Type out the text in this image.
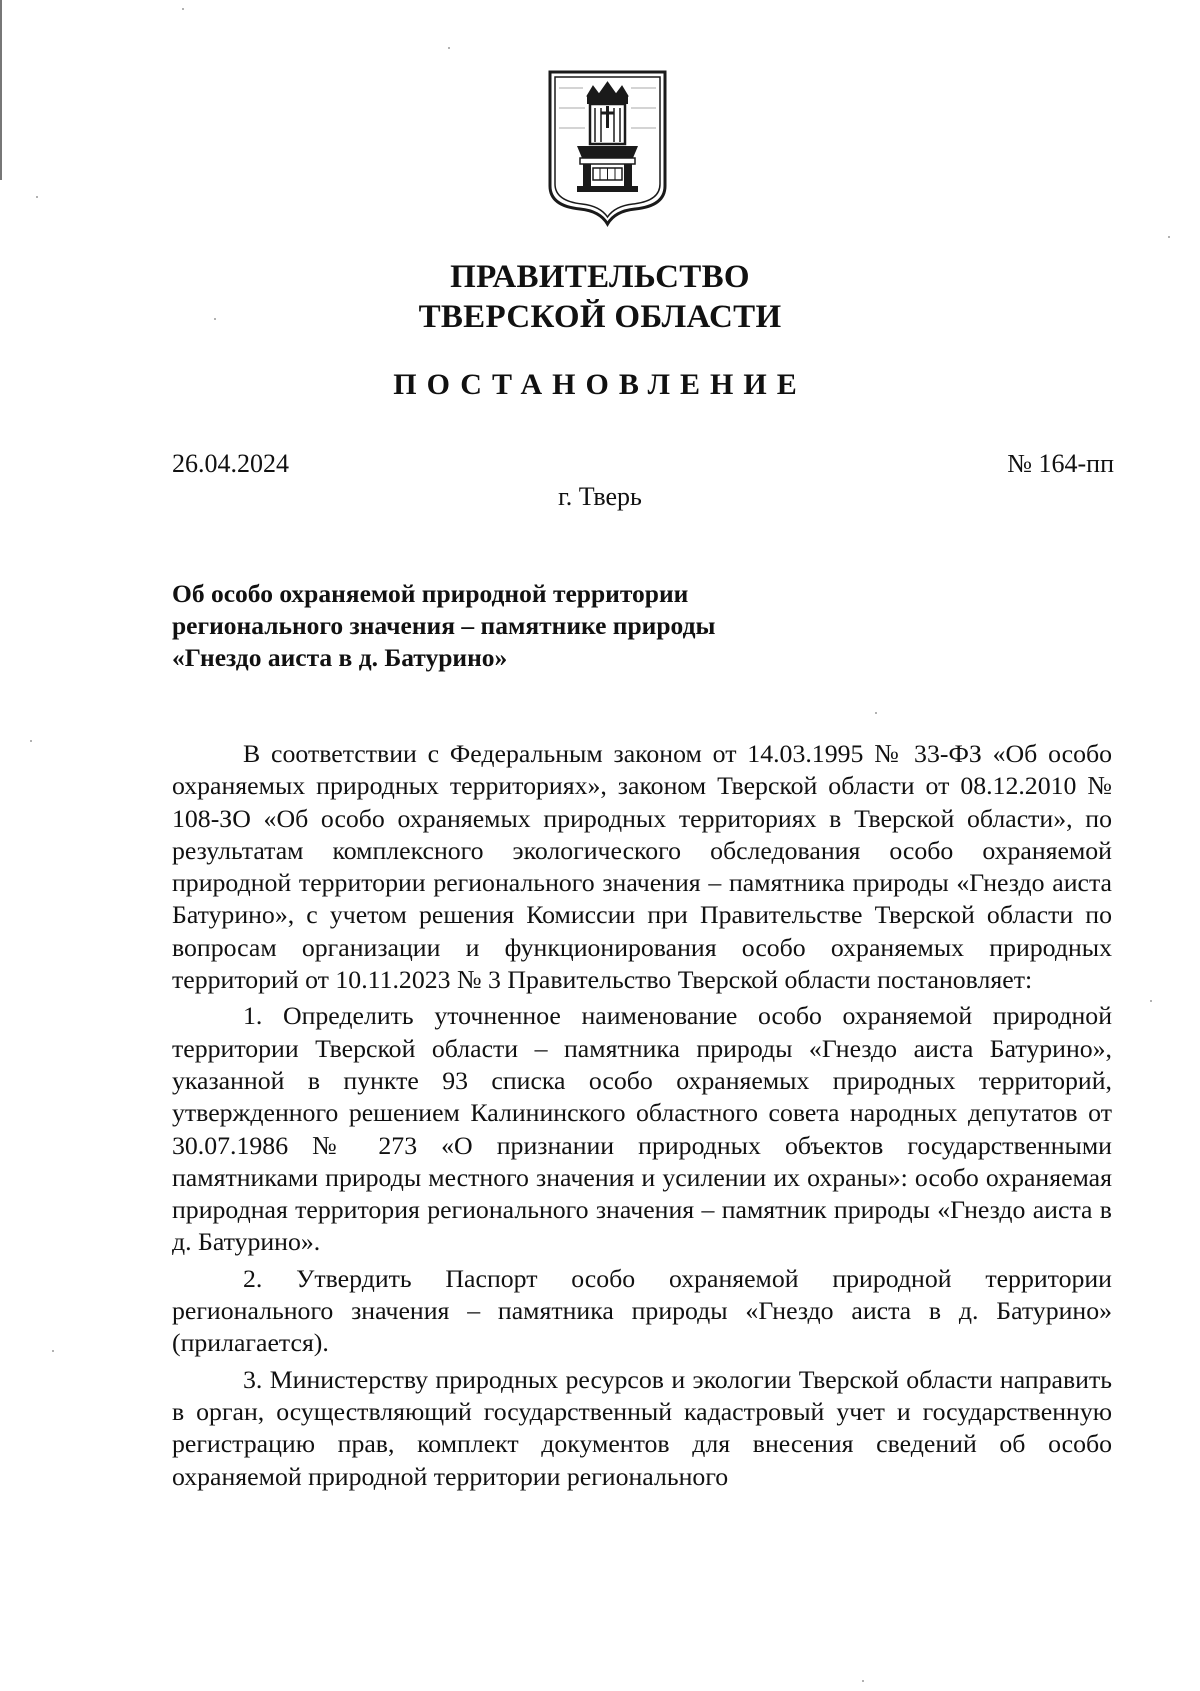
ПРАВИТЕЛЬСТВО
ТВЕРСКОЙ ОБЛАСТИ
ПОСТАНОВЛЕНИЕ
26.04.2024	№ 164-пп
г. Тверь
Об особо охраняемой природной территории
регионального значения – памятнике природы
«Гнездо аиста в д. Батурино»

В соответствии с Федеральным законом от 14.03.1995 № 33-ФЗ «Об особо охраняемых природных территориях», законом Тверской области от 08.12.2010 № 108-ЗО «Об особо охраняемых природных территориях в Тверской области», по результатам комплексного экологического обследования особо охраняемой природной территории регионального значения – памятника природы «Гнездо аиста Батурино», с учетом решения Комиссии при Правительстве Тверской области по вопросам организации и функционирования особо охраняемых природных территорий от 10.11.2023 № 3 Правительство Тверской области постановляет:

1. Определить уточненное наименование особо охраняемой природной территории Тверской области – памятника природы «Гнездо аиста Батурино», указанной в пункте 93 списка особо охраняемых природных территорий, утвержденного решением Калининского областного совета народных депутатов от 30.07.1986 № 273 «О признании природных объектов государственными памятниками природы местного значения и усилении их охраны»: особо охраняемая природная территория регионального значения – памятник природы «Гнездо аиста в д. Батурино».

2. Утвердить Паспорт особо охраняемой природной территории регионального значения – памятника природы «Гнездо аиста в д. Батурино» (прилагается).

3. Министерству природных ресурсов и экологии Тверской области направить в орган, осуществляющий государственный кадастровый учет и государственную регистрацию прав, комплект документов для внесения сведений об особо охраняемой природной территории регионального
